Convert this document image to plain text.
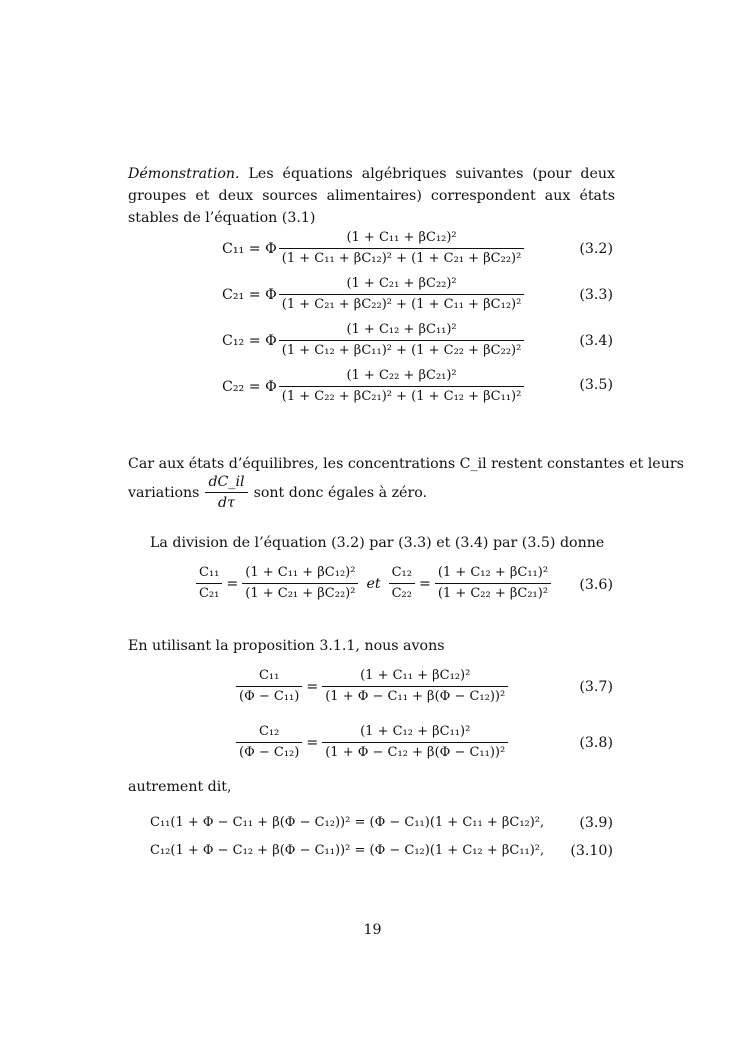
Démonstration. Les équations algébriques suivantes (pour deux groupes et deux sources alimentaires) correspondent aux états stables de l’équation (3.1)

C₁₁ = Φ $\frac{\text{(1 + C₁₁ + βC₁₂)²}}{\text{(1 + C₁₁ + βC₁₂)² + (1 + C₂₁ + βC₂₂)²}}$	(3.2)
C₂₁ = Φ $\frac{\text{(1 + C₂₁ + βC₂₂)²}}{\text{(1 + C₂₁ + βC₂₂)² + (1 + C₁₁ + βC₁₂)²}}$	(3.3)
C₁₂ = Φ $\frac{\text{(1 + C₁₂ + βC₁₁)²}}{\text{(1 + C₁₂ + βC₁₁)² + (1 + C₂₂ + βC₂₂)²}}$	(3.4)
C₂₂ = Φ $\frac{\text{(1 + C₂₂ + βC₂₁)²}}{\text{(1 + C₂₂ + βC₂₁)² + (1 + C₁₂ + βC₁₁)²}}$	(3.5)
Car aux états d’équilibres, les concentrations C_il restent constantes et leurs
variations $\frac{dC\_il}{d\tau}$ sont donc égales à zéro.
La division de l’équation (3.2) par (3.3) et (3.4) par (3.5) donne
$\frac{\text{C₁₁}}{\text{C₂₁}} = \frac{\text{(1 + C₁₁ + βC₁₂)²}}{\text{(1 + C₂₁ + βC₂₂)²}}$ et $\frac{\text{C₁₂}}{\text{C₂₂}} = \frac{\text{(1 + C₁₂ + βC₁₁)²}}{\text{(1 + C₂₂ + βC₂₁)²}} (3.6)$
En utilisant la proposition 3.1.1, nous avons
$\frac{\text{C₁₁}}{\text{(Φ − C₁₁)}} = \frac{\text{(1 + C₁₁ + βC₁₂)²}}{\text{(1 + Φ − C₁₁ + β(Φ − C₁₂))²}}$	(3.7)
$\frac{\text{C₁₂}}{\text{(Φ − C₁₂)}} = \frac{\text{(1 + C₁₂ + βC₁₁)²}}{\text{(1 + Φ − C₁₂ + β(Φ − C₁₁))²}}$	(3.8)
autrement dit,
C₁₁(1 + Φ − C₁₁ + β(Φ − C₁₂))² = (Φ − C₁₁)(1 + C₁₁ + βC₁₂)², (3.9)
C₁₂(1 + Φ − C₁₂ + β(Φ − C₁₁))² = (Φ − C₁₂)(1 + C₁₂ + βC₁₁)², (3.10)
19
